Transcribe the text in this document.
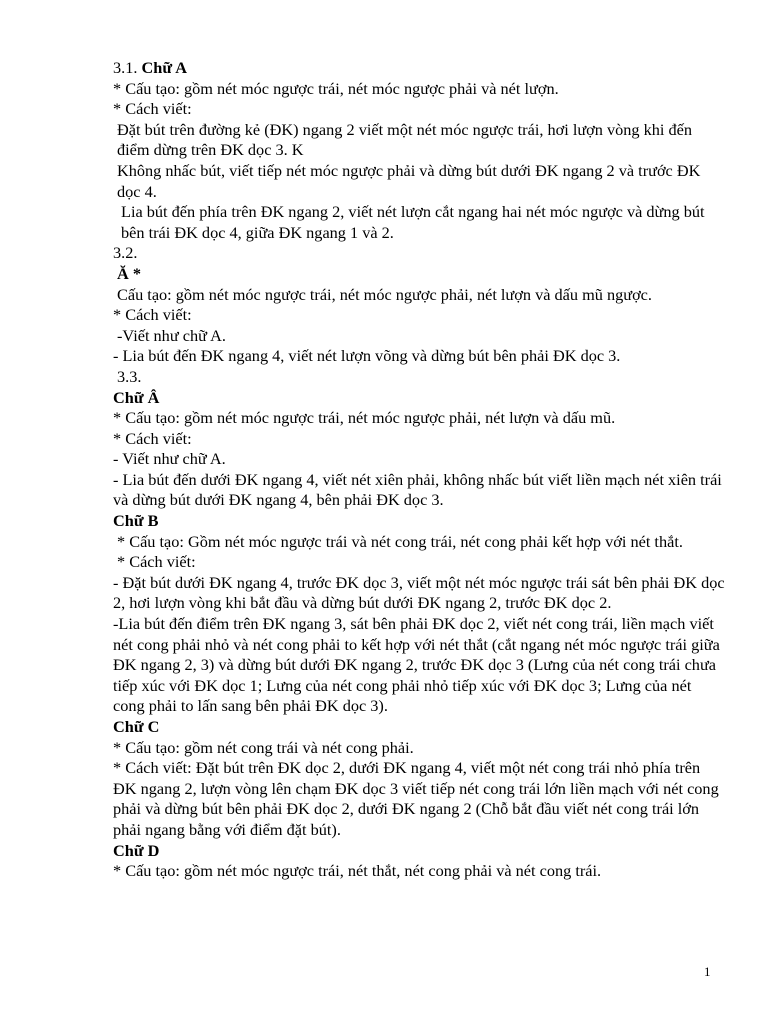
3.1. Chữ A
* Cấu tạo: gồm nét móc ngược trái, nét móc ngược phải và nét lượn.
* Cách viết:
Đặt bút trên đường kẻ (ĐK) ngang 2 viết một nét móc ngược trái, hơi lượn vòng khi đến điểm dừng trên ĐK dọc 3. K
Không nhấc bút, viết tiếp nét móc ngược phải và dừng bút dưới ĐK ngang 2 và trước ĐK dọc 4.
Lia bút đến phía trên ĐK ngang 2, viết nét lượn cắt ngang hai nét móc ngược và dừng bút bên trái ĐK dọc 4, giữa ĐK ngang 1 và 2.
3.2.
Ă *
Cấu tạo: gồm nét móc ngược trái, nét móc ngược phải, nét lượn và dấu mũ ngược.
* Cách viết:
-Viết như chữ A.
- Lia bút đến ĐK ngang 4, viết nét lượn võng và dừng bút bên phải ĐK dọc 3.
3.3.
Chữ Â
* Cấu tạo: gồm nét móc ngược trái, nét móc ngược phải, nét lượn và dấu mũ.
* Cách viết:
- Viết như chữ A.
- Lia bút đến dưới ĐK ngang 4, viết nét xiên phải, không nhấc bút viết liền mạch nét xiên trái và dừng bút dưới ĐK ngang 4, bên phải ĐK dọc 3.
Chữ B
* Cấu tạo: Gồm nét móc ngược trái và nét cong trái, nét cong phải kết hợp với nét thắt.
* Cách viết:
- Đặt bút dưới ĐK ngang 4, trước ĐK dọc 3, viết một nét móc ngược trái sát bên phải ĐK dọc 2, hơi lượn vòng khi bắt đầu và dừng bút dưới ĐK ngang 2, trước ĐK dọc 2.
-Lia bút đến điểm trên ĐK ngang 3, sát bên phải ĐK dọc 2, viết nét cong trái, liền mạch viết nét cong phải nhỏ và nét cong phải to kết hợp với nét thắt (cắt ngang nét móc ngược trái giữa ĐK ngang 2, 3) và dừng bút dưới ĐK ngang 2, trước ĐK dọc 3 (Lưng của nét cong trái chưa tiếp xúc với ĐK dọc 1; Lưng của nét cong phải nhỏ tiếp xúc với ĐK dọc 3; Lưng của nét cong phải to lấn sang bên phải ĐK dọc 3).
Chữ C
* Cấu tạo: gồm nét cong trái và nét cong phải.
* Cách viết: Đặt bút trên ĐK dọc 2, dưới ĐK ngang 4, viết một nét cong trái nhỏ phía trên ĐK ngang 2, lượn vòng lên chạm ĐK dọc 3 viết tiếp nét cong trái lớn liền mạch với nét cong phải và dừng bút bên phải ĐK dọc 2, dưới ĐK ngang 2 (Chỗ bắt đầu viết nét cong trái lớn phải ngang bằng với điểm đặt bút).
Chữ D
* Cấu tạo: gồm nét móc ngược trái, nét thắt, nét cong phải và nét cong trái.
1
